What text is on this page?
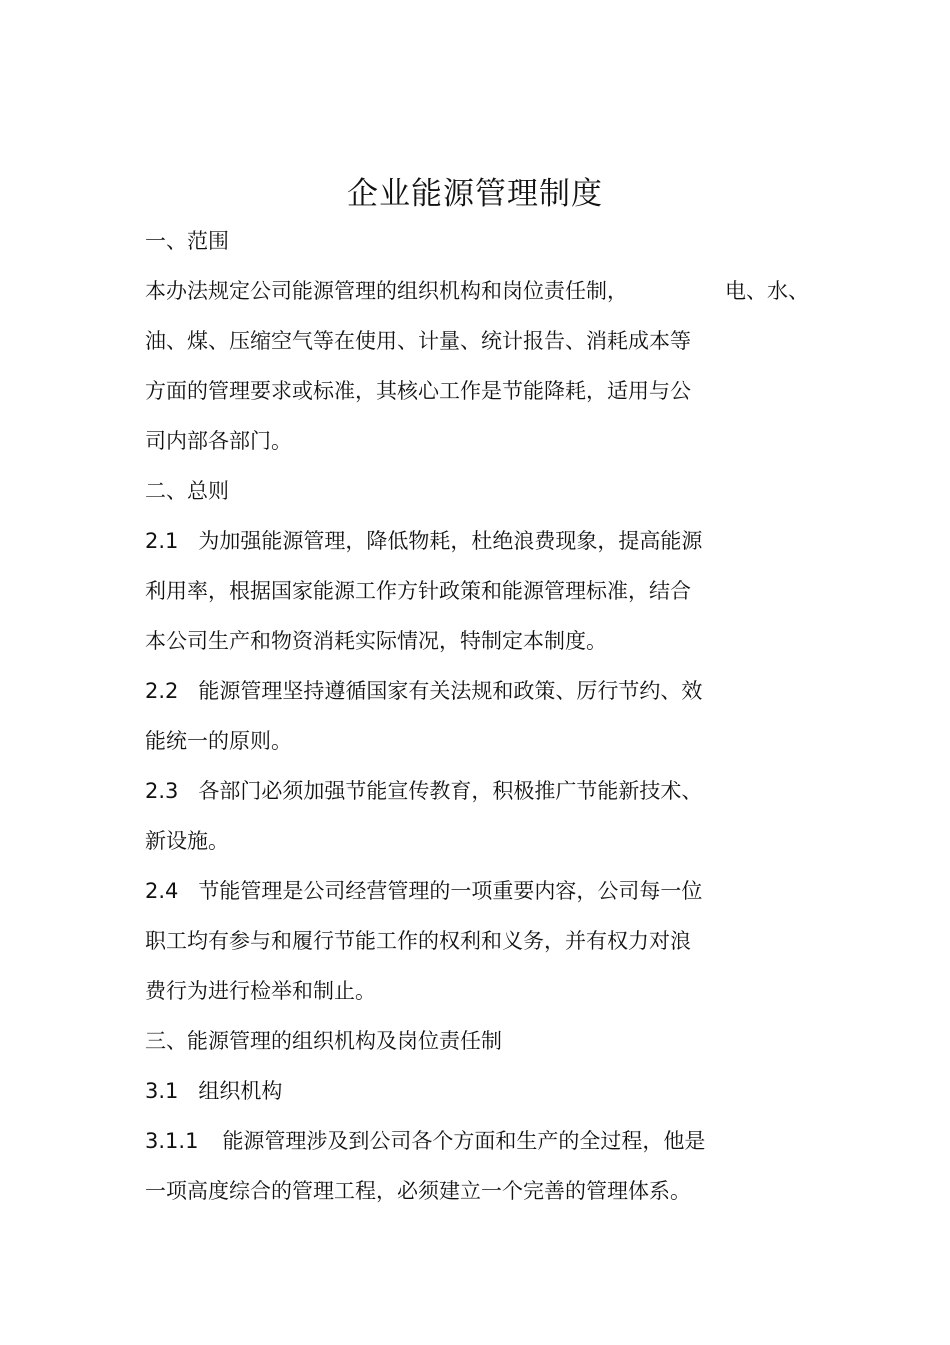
企业能源管理制度
一、范围
本办法规定公司能源管理的组织机构和岗位责任制，	电、水、
油、煤、压缩空气等在使用、计量、统计报告、消耗成本等
方面的管理要求或标准，其核心工作是节能降耗，适用与公
司内部各部门。
二、总则
2.1 为加强能源管理，降低物耗，杜绝浪费现象，提高能源
利用率，根据国家能源工作方针政策和能源管理标准，结合
本公司生产和物资消耗实际情况，特制定本制度。
2.2 能源管理坚持遵循国家有关法规和政策、厉行节约、效
能统一的原则。
2.3 各部门必须加强节能宣传教育，积极推广节能新技术、
新设施。
2.4 节能管理是公司经营管理的一项重要内容，公司每一位
职工均有参与和履行节能工作的权利和义务，并有权力对浪
费行为进行检举和制止。
三、能源管理的组织机构及岗位责任制
3.1 组织机构
3.1.1 能源管理涉及到公司各个方面和生产的全过程，他是
一项高度综合的管理工程，必须建立一个完善的管理体系。
